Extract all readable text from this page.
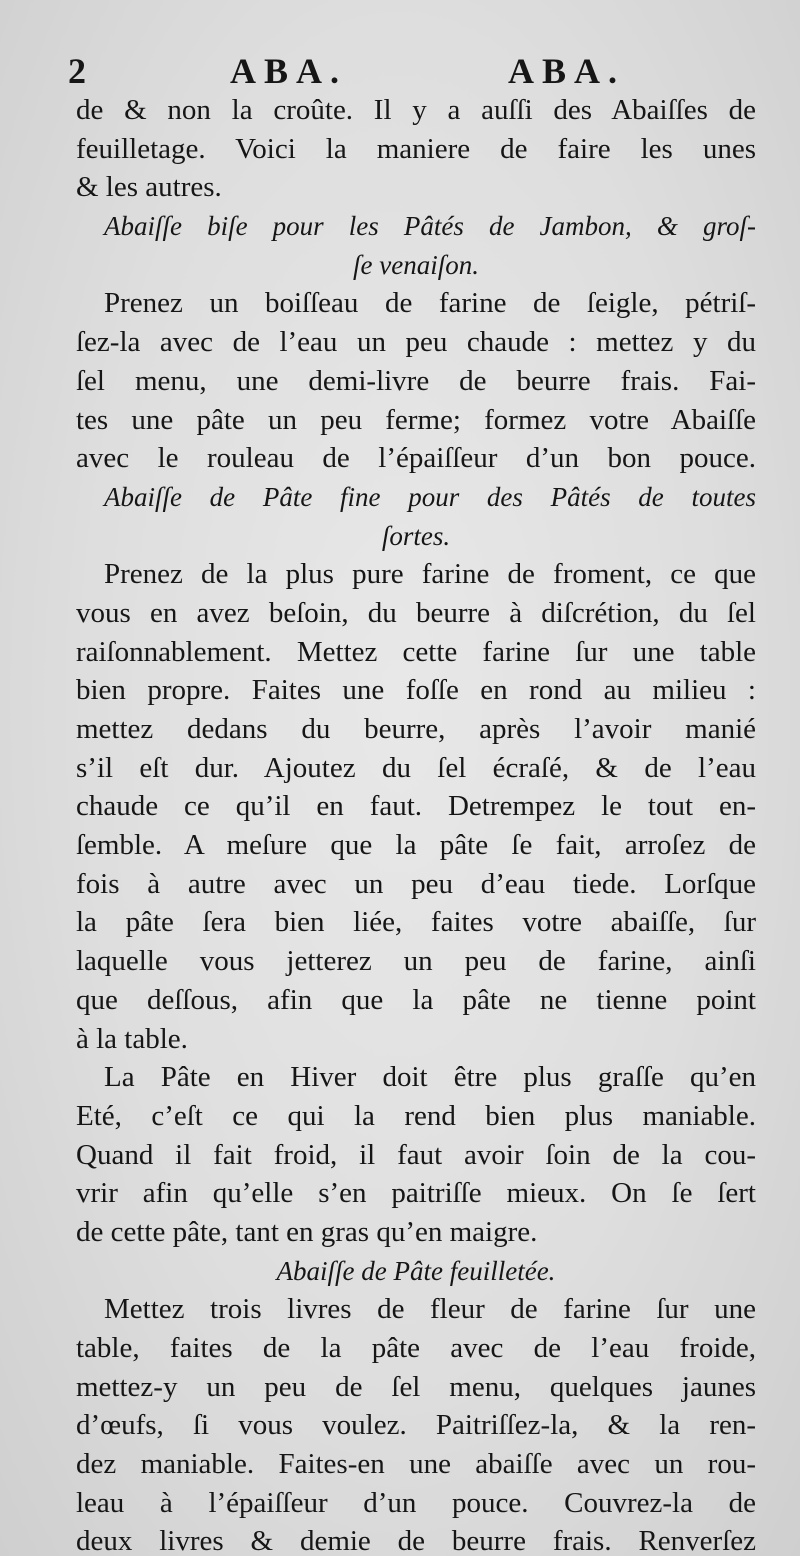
2	ABA.	ABA.
de & non la croûte. Il y a auſſi des Abaiſſes de
feuilletage. Voici la maniere de faire les unes
& les autres.
Abaiſſe biſe pour les Pâtés de Jambon, & groſ-
ſe venaiſon.
Prenez un boiſſeau de farine de ſeigle, pétriſ-
ſez-la avec de l’eau un peu chaude : mettez y du
ſel menu, une demi-livre de beurre frais. Fai-
tes une pâte un peu ferme; formez votre Abaiſſe
avec le rouleau de l’épaiſſeur d’un bon pouce.
Abaiſſe de Pâte fine pour des Pâtés de toutes
ſortes.
Prenez de la plus pure farine de froment, ce que
vous en avez beſoin, du beurre à diſcrétion, du ſel
raiſonnablement. Mettez cette farine ſur une table
bien propre. Faites une foſſe en rond au milieu :
mettez dedans du beurre, après l’avoir manié
s’il eſt dur. Ajoutez du ſel écraſé, & de l’eau
chaude ce qu’il en faut. Detrempez le tout en-
ſemble. A meſure que la pâte ſe fait, arroſez de
fois à autre avec un peu d’eau tiede. Lorſque
la pâte ſera bien liée, faites votre abaiſſe, ſur
laquelle vous jetterez un peu de farine, ainſi
que deſſous, afin que la pâte ne tienne point
à la table.
La Pâte en Hiver doit être plus graſſe qu’en
Eté, c’eſt ce qui la rend bien plus maniable.
Quand il fait froid, il faut avoir ſoin de la cou-
vrir afin qu’elle s’en paitriſſe mieux. On ſe ſert
de cette pâte, tant en gras qu’en maigre.
Abaiſſe de Pâte feuilletée.
Mettez trois livres de fleur de farine ſur une
table, faites de la pâte avec de l’eau froide,
mettez-y un peu de ſel menu, quelques jaunes
d’œufs, ſi vous voulez. Paitriſſez-la, & la ren-
dez maniable. Faites-en une abaiſſe avec un rou-
leau à l’épaiſſeur d’un pouce. Couvrez-la de
deux livres & demie de beurre frais. Renverſez
